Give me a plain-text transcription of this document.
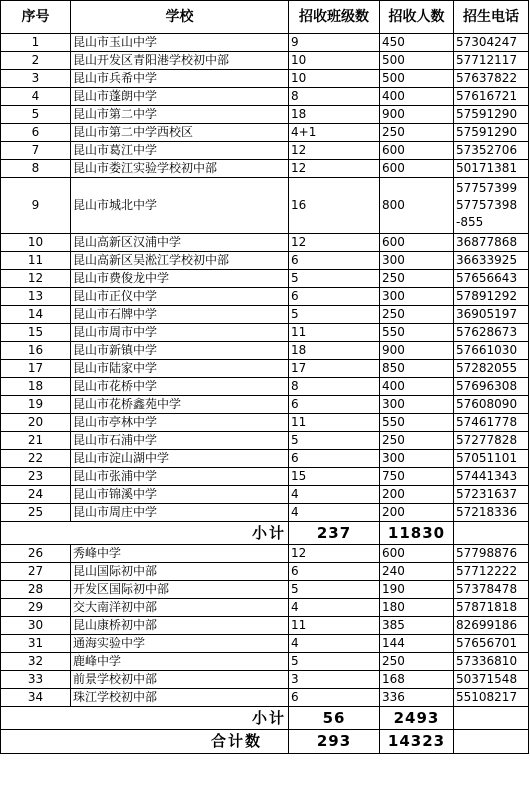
序号	学校	招收班级数	招收人数	招生电话
1	昆山市玉山中学	9	450	57304247

2	昆山开发区青阳港学校初中部	10	500	57712117

3	昆山市兵希中学	10	500	57637822

4	昆山市蓬朗中学	8	400	57616721

5	昆山市第二中学	18	900	57591290

6	昆山市第二中学西校区	4+1	250	57591290

7	昆山市葛江中学	12	600	57352706

8	昆山市娄江实验学校初中部	12	600	50171381

9	昆山市城北中学	16	800	57757399
57757398
-855

10	昆山高新区汉浦中学	12	600	36877868

11	昆山高新区吴淞江学校初中部	6	300	36633925

12	昆山市费俊龙中学	5	250	57656643

13	昆山市正仪中学	6	300	57891292

14	昆山市石牌中学	5	250	36905197

15	昆山市周市中学	11	550	57628673

16	昆山市新镇中学	18	900	57661030

17	昆山市陆家中学	17	850	57282055

18	昆山市花桥中学	8	400	57696308

19	昆山市花桥鑫苑中学	6	300	57608090

20	昆山市亭林中学	11	550	57461778

21	昆山市石浦中学	5	250	57277828

22	昆山市淀山湖中学	6	300	57051101

23	昆山市张浦中学	15	750	57441343

24	昆山市锦溪中学	4	200	57231637

25	昆山市周庄中学	4	200	57218336

小计		237	11830	
26	秀峰中学	12	600	57798876

27	昆山国际初中部	6	240	57712222

28	开发区国际初中部	5	190	57378478

29	交大南洋初中部	4	180	57871818

30	昆山康桥初中部	11	385	82699186

31	通海实验中学	4	144	57656701

32	鹿峰中学	5	250	57336810

33	前景学校初中部	3	168	50371548

34	珠江学校初中部	6	336	55108217

小计		56	2493	
合计数		293	14323	
